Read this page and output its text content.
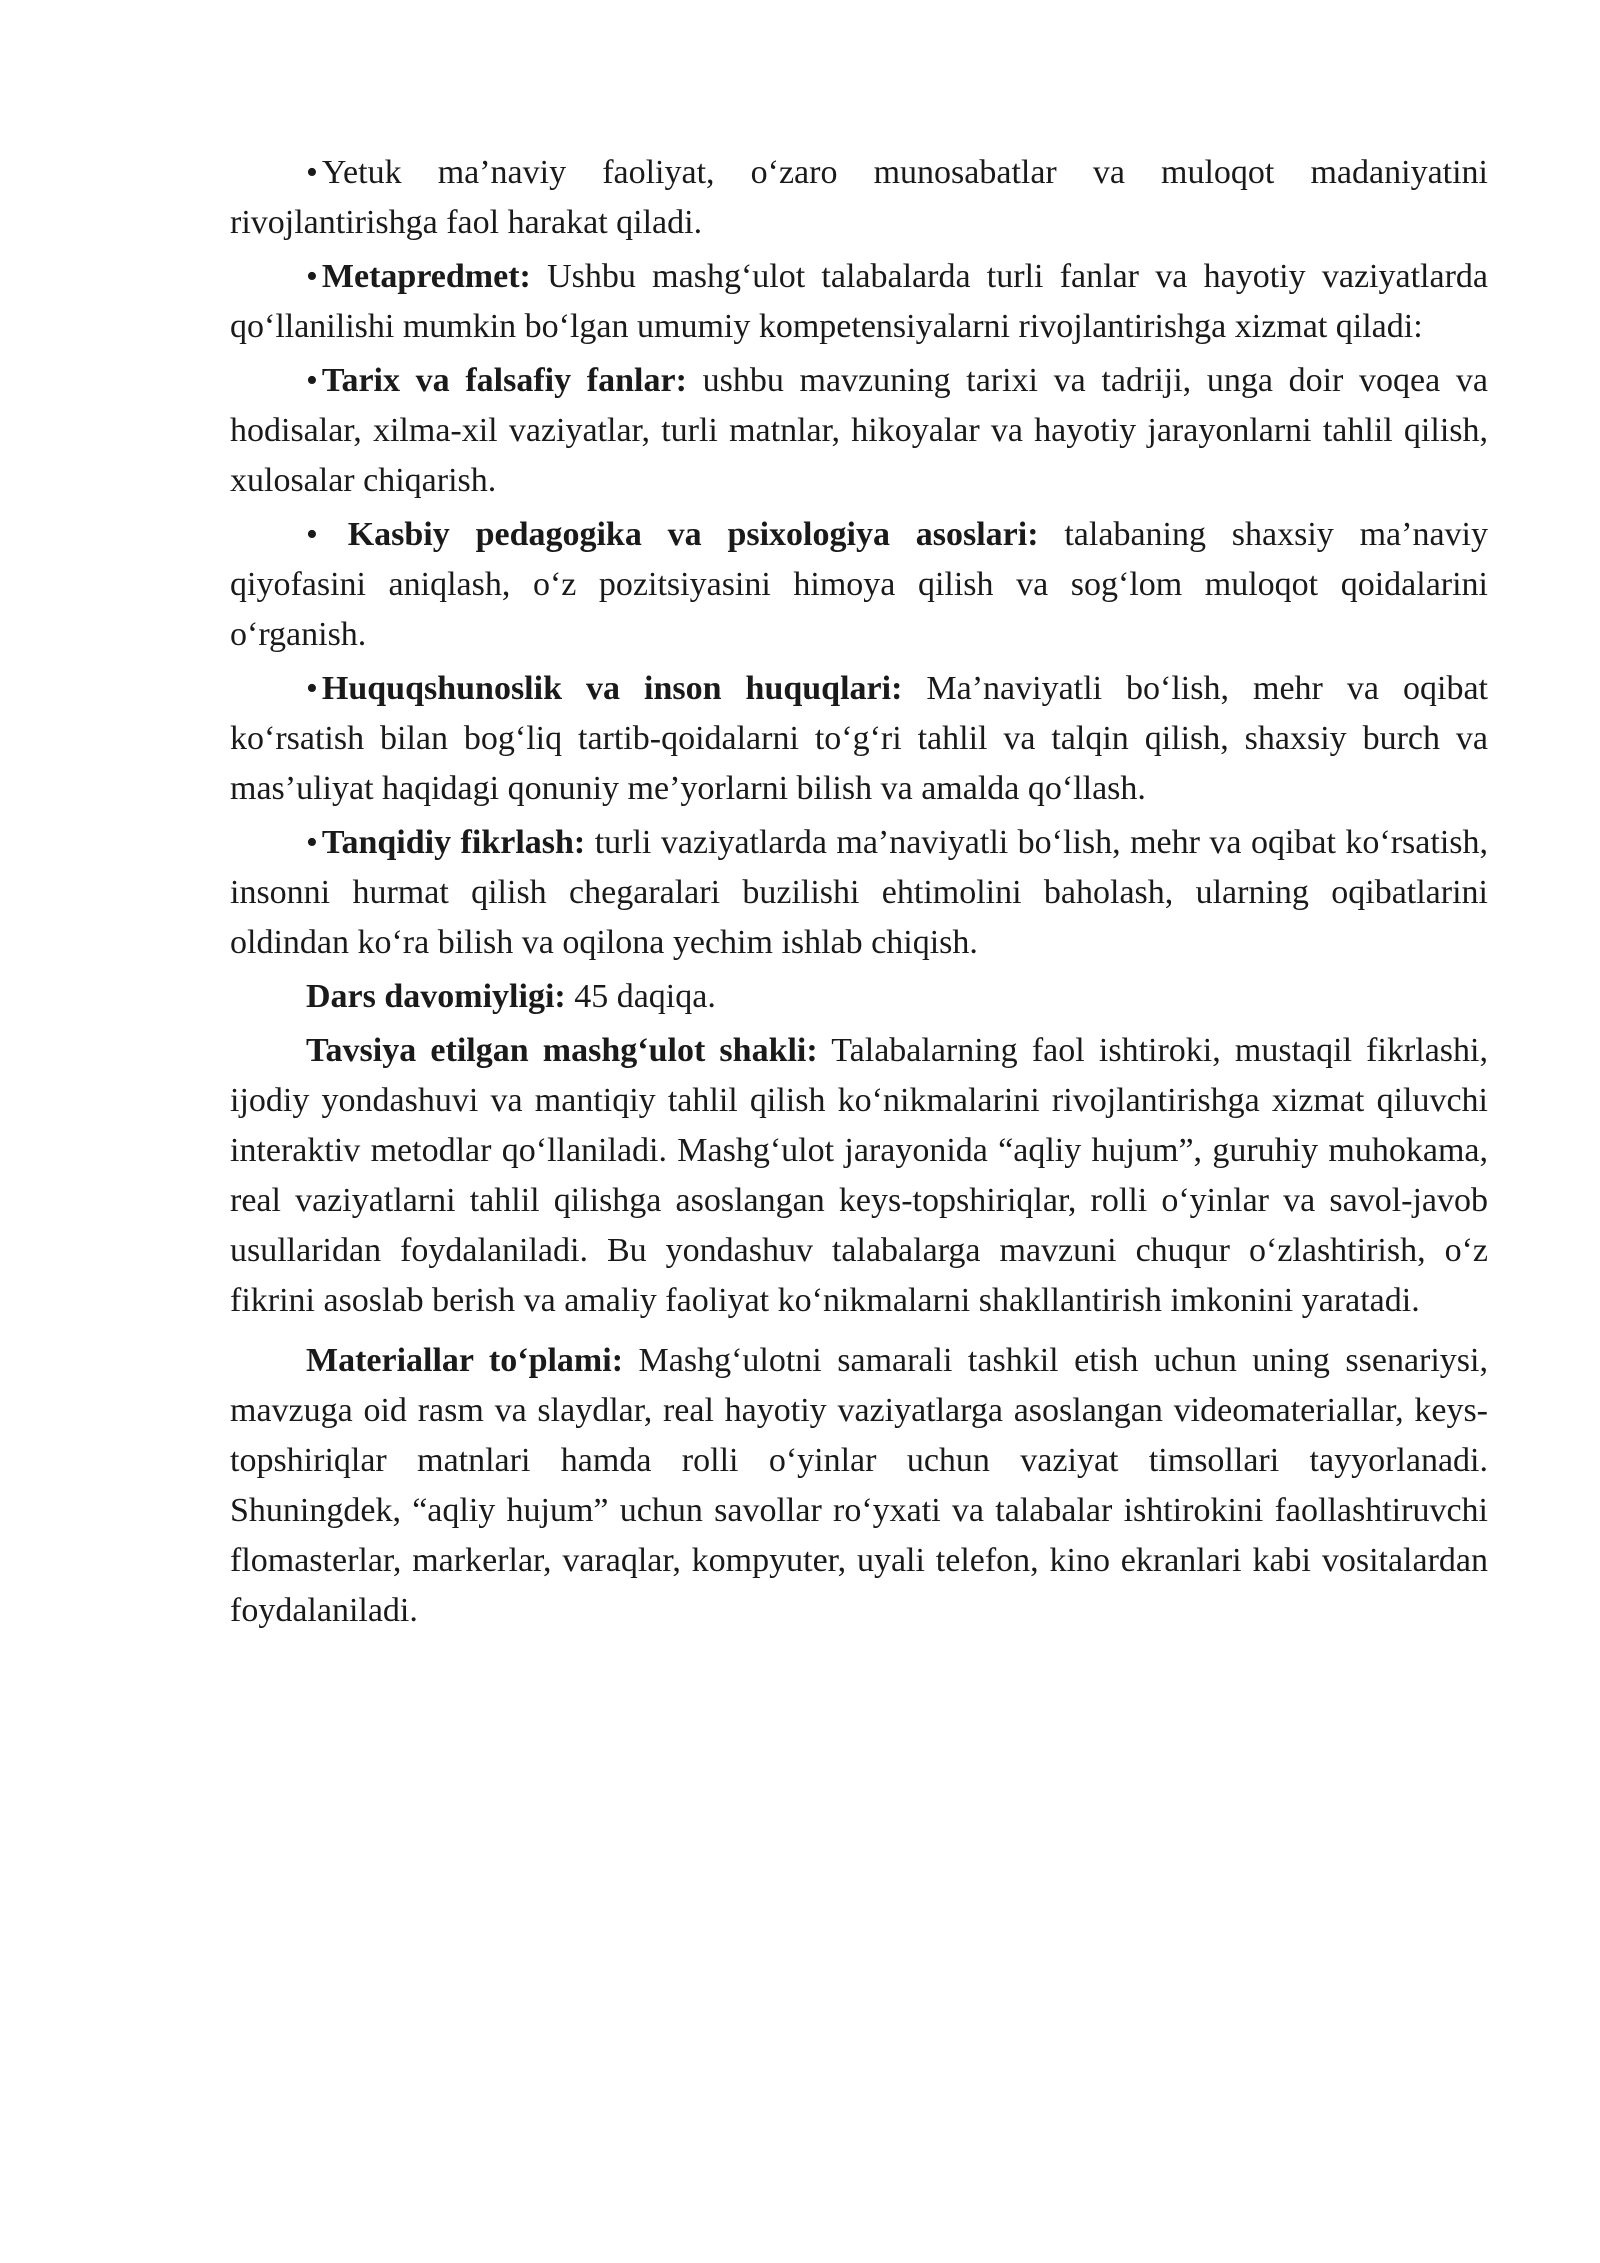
• Yetuk ma’naviy faoliyat, o‘zaro munosabatlar va muloqot madaniyatini rivojlantirishga faol harakat qiladi.

• Metapredmet: Ushbu mashg‘ulot talabalarda turli fanlar va hayotiy vaziyatlarda qo‘llanilishi mumkin bo‘lgan umumiy kompetensiyalarni rivojlantirishga xizmat qiladi:

• Tarix va falsafiy fanlar: ushbu mavzuning tarixi va tadriji, unga doir voqea va hodisalar, xilma-xil vaziyatlar, turli matnlar, hikoyalar va hayotiy jarayonlarni tahlil qilish, xulosalar chiqarish.

• Kasbiy pedagogika va psixologiya asoslari: talabaning shaxsiy ma’naviy qiyofasini aniqlash, o‘z pozitsiyasini himoya qilish va sog‘lom muloqot qoidalarini o‘rganish.

• Huquqshunoslik va inson huquqlari: Ma’naviyatli bo‘lish, mehr va oqibat ko‘rsatish bilan bog‘liq tartib-qoidalarni to‘g‘ri tahlil va talqin qilish, shaxsiy burch va mas’uliyat haqidagi qonuniy me’yorlarni bilish va amalda qo‘llash.

• Tanqidiy fikrlash: turli vaziyatlarda ma’naviyatli bo‘lish, mehr va oqibat ko‘rsatish, insonni hurmat qilish chegaralari buzilishi ehtimolini baholash, ularning oqibatlarini oldindan ko‘ra bilish va oqilona yechim ishlab chiqish.

Dars davomiyligi: 45 daqiqa.

Tavsiya etilgan mashg‘ulot shakli: Talabalarning faol ishtiroki, mustaqil fikrlashi, ijodiy yondashuvi va mantiqiy tahlil qilish ko‘nikmalarini rivojlantirishga xizmat qiluvchi interaktiv metodlar qo‘llaniladi. Mashg‘ulot jarayonida “aqliy hujum”, guruhiy muhokama, real vaziyatlarni tahlil qilishga asoslangan keys-topshiriqlar, rolli o‘yinlar va savol-javob usullaridan foydalaniladi. Bu yondashuv talabalarga mavzuni chuqur o‘zlashtirish, o‘z fikrini asoslab berish va amaliy faoliyat ko‘nikmalarni shakllantirish imkonini yaratadi.

Materiallar to‘plami: Mashg‘ulotni samarali tashkil etish uchun uning ssenariysi, mavzuga oid rasm va slaydlar, real hayotiy vaziyatlarga asoslangan videomateriallar, keys-topshiriqlar matnlari hamda rolli o‘yinlar uchun vaziyat timsollari tayyorlanadi. Shuningdek, “aqliy hujum” uchun savollar ro‘yxati va talabalar ishtirokini faollashtiruvchi flomasterlar, markerlar, varaqlar, kompyuter, uyali telefon, kino ekranlari kabi vositalardan foydalaniladi.
